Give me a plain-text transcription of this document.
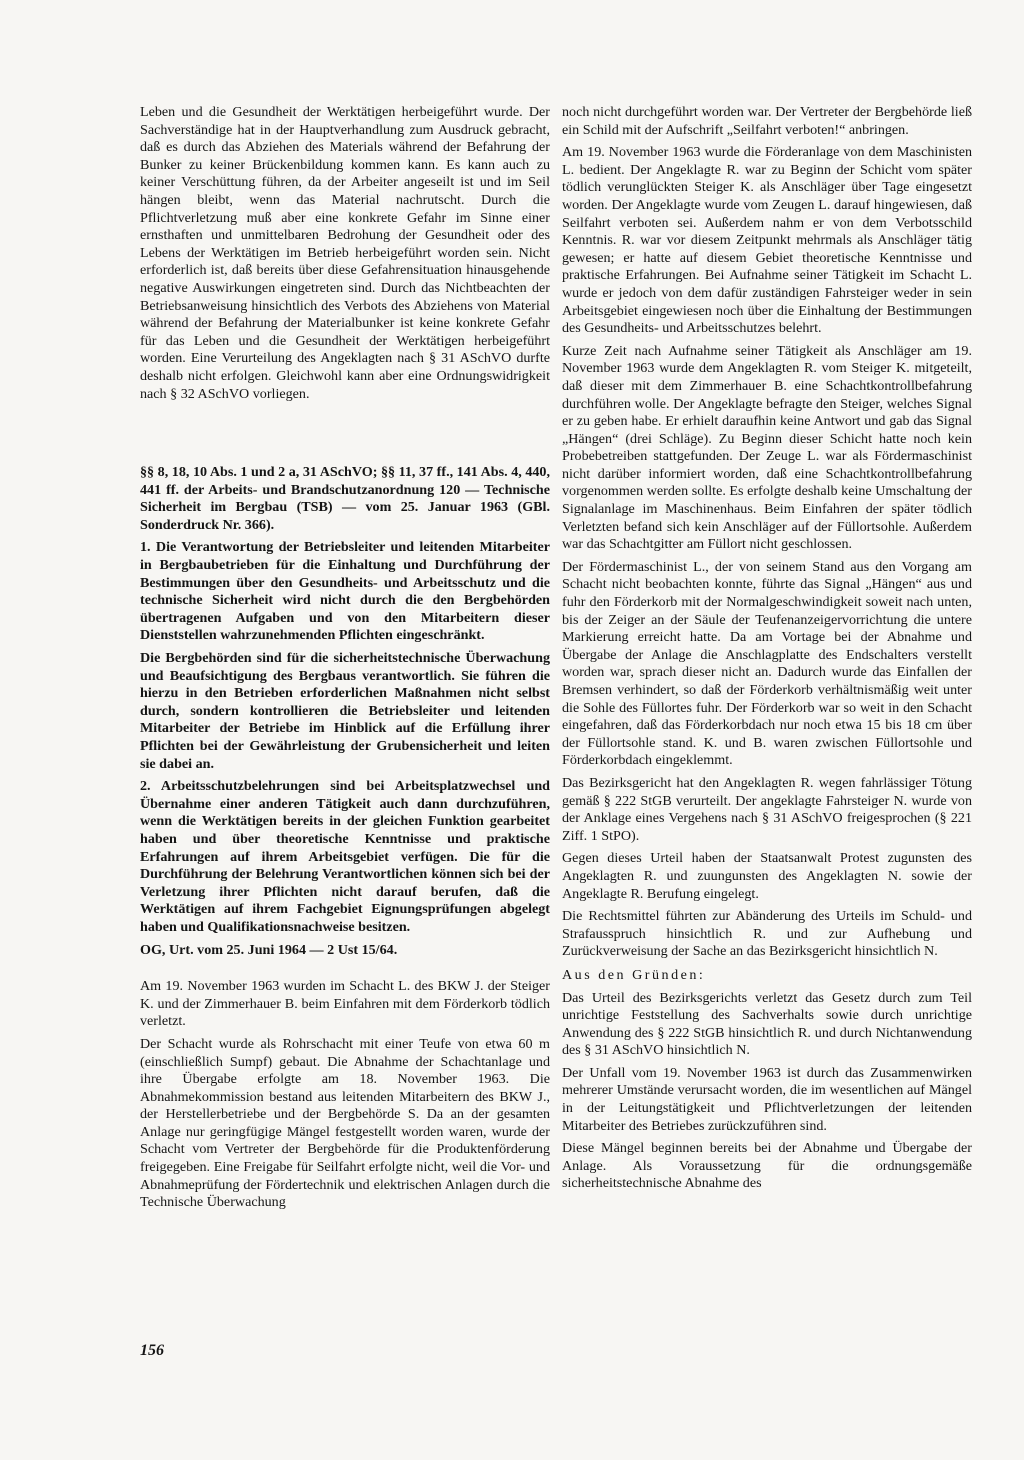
Leben und die Gesundheit der Werktätigen herbeigeführt wurde. Der Sachverständige hat in der Hauptverhandlung zum Ausdruck gebracht, daß es durch das Abziehen des Materials während der Befahrung der Bunker zu keiner Brückenbildung kommen kann. Es kann auch zu keiner Verschüttung führen, da der Arbeiter angeseilt ist und im Seil hängen bleibt, wenn das Material nachrutscht. Durch die Pflichtverletzung muß aber eine konkrete Gefahr im Sinne einer ernsthaften und unmittelbaren Bedrohung der Gesundheit oder des Lebens der Werktätigen im Betrieb herbeigeführt worden sein. Nicht erforderlich ist, daß bereits über diese Gefahrensituation hinausgehende negative Auswirkungen eingetreten sind. Durch das Nichtbeachten der Betriebsanweisung hinsichtlich des Verbots des Abziehens von Material während der Befahrung der Materialbunker ist keine konkrete Gefahr für das Leben und die Gesundheit der Werktätigen herbeigeführt worden. Eine Verurteilung des Angeklagten nach § 31 ASchVO durfte deshalb nicht erfolgen. Gleichwohl kann aber eine Ordnungswidrigkeit nach § 32 ASchVO vorliegen.

§§ 8, 18, 10 Abs. 1 und 2 a, 31 ASchVO; §§ 11, 37 ff., 141 Abs. 4, 440, 441 ff. der Arbeits- und Brandschutzanordnung 120 — Technische Sicherheit im Bergbau (TSB) — vom 25. Januar 1963 (GBl. Sonderdruck Nr. 366).

1. Die Verantwortung der Betriebsleiter und leitenden Mitarbeiter in Bergbaubetrieben für die Einhaltung und Durchführung der Bestimmungen über den Gesundheits- und Arbeitsschutz und die technische Sicherheit wird nicht durch die den Bergbehörden übertragenen Aufgaben und von den Mitarbeitern dieser Dienststellen wahrzunehmenden Pflichten eingeschränkt.

Die Bergbehörden sind für die sicherheitstechnische Überwachung und Beaufsichtigung des Bergbaus verantwortlich. Sie führen die hierzu in den Betrieben erforderlichen Maßnahmen nicht selbst durch, sondern kontrollieren die Betriebsleiter und leitenden Mitarbeiter der Betriebe im Hinblick auf die Erfüllung ihrer Pflichten bei der Gewährleistung der Grubensicherheit und leiten sie dabei an.

2. Arbeitsschutzbelehrungen sind bei Arbeitsplatzwechsel und Übernahme einer anderen Tätigkeit auch dann durchzuführen, wenn die Werktätigen bereits in der gleichen Funktion gearbeitet haben und über theoretische Kenntnisse und praktische Erfahrungen auf ihrem Arbeitsgebiet verfügen. Die für die Durchführung der Belehrung Verantwortlichen können sich bei der Verletzung ihrer Pflichten nicht darauf berufen, daß die Werktätigen auf ihrem Fachgebiet Eignungsprüfungen abgelegt haben und Qualifikationsnachweise besitzen.

OG, Urt. vom 25. Juni 1964 — 2 Ust 15/64.

Am 19. November 1963 wurden im Schacht L. des BKW J. der Steiger K. und der Zimmerhauer B. beim Einfahren mit dem Förderkorb tödlich verletzt.

Der Schacht wurde als Rohrschacht mit einer Teufe von etwa 60 m (einschließlich Sumpf) gebaut. Die Abnahme der Schachtanlage und ihre Übergabe erfolgte am 18. November 1963. Die Abnahmekommission bestand aus leitenden Mitarbeitern des BKW J., der Herstellerbetriebe und der Bergbehörde S. Da an der gesamten Anlage nur geringfügige Mängel festgestellt worden waren, wurde der Schacht vom Vertreter der Bergbehörde für die Produktenförderung freigegeben. Eine Freigabe für Seilfahrt erfolgte nicht, weil die Vor- und Abnahmeprüfung der Fördertechnik und elektrischen Anlagen durch die Technische Überwachung

noch nicht durchgeführt worden war. Der Vertreter der Bergbehörde ließ ein Schild mit der Aufschrift „Seilfahrt verboten!“ anbringen.

Am 19. November 1963 wurde die Förderanlage von dem Maschinisten L. bedient. Der Angeklagte R. war zu Beginn der Schicht vom später tödlich verunglückten Steiger K. als Anschläger über Tage eingesetzt worden. Der Angeklagte wurde vom Zeugen L. darauf hingewiesen, daß Seilfahrt verboten sei. Außerdem nahm er von dem Verbotsschild Kenntnis. R. war vor diesem Zeitpunkt mehrmals als Anschläger tätig gewesen; er hatte auf diesem Gebiet theoretische Kenntnisse und praktische Erfahrungen. Bei Aufnahme seiner Tätigkeit im Schacht L. wurde er jedoch von dem dafür zuständigen Fahrsteiger weder in sein Arbeitsgebiet eingewiesen noch über die Einhaltung der Bestimmungen des Gesundheits- und Arbeitsschutzes belehrt.

Kurze Zeit nach Aufnahme seiner Tätigkeit als Anschläger am 19. November 1963 wurde dem Angeklagten R. vom Steiger K. mitgeteilt, daß dieser mit dem Zimmerhauer B. eine Schachtkontrollbefahrung durchführen wolle. Der Angeklagte befragte den Steiger, welches Signal er zu geben habe. Er erhielt daraufhin keine Antwort und gab das Signal „Hängen“ (drei Schläge). Zu Beginn dieser Schicht hatte noch kein Probebetreiben stattgefunden. Der Zeuge L. war als Fördermaschinist nicht darüber informiert worden, daß eine Schachtkontrollbefahrung vorgenommen werden sollte. Es erfolgte deshalb keine Umschaltung der Signalanlage im Maschinenhaus. Beim Einfahren der später tödlich Verletzten befand sich kein Anschläger auf der Füllortsohle. Außerdem war das Schachtgitter am Füllort nicht geschlossen.

Der Fördermaschinist L., der von seinem Stand aus den Vorgang am Schacht nicht beobachten konnte, führte das Signal „Hängen“ aus und fuhr den Förderkorb mit der Normalgeschwindigkeit soweit nach unten, bis der Zeiger an der Säule der Teufenanzeigervorrichtung die untere Markierung erreicht hatte. Da am Vortage bei der Abnahme und Übergabe der Anlage die Anschlagplatte des Endschalters verstellt worden war, sprach dieser nicht an. Dadurch wurde das Einfallen der Bremsen verhindert, so daß der Förderkorb verhältnismäßig weit unter die Sohle des Füllortes fuhr. Der Förderkorb war so weit in den Schacht eingefahren, daß das Förderkorbdach nur noch etwa 15 bis 18 cm über der Füllortsohle stand. K. und B. waren zwischen Füllortsohle und Förderkorbdach eingeklemmt.

Das Bezirksgericht hat den Angeklagten R. wegen fahrlässiger Tötung gemäß § 222 StGB verurteilt. Der angeklagte Fahrsteiger N. wurde von der Anklage eines Vergehens nach § 31 ASchVO freigesprochen (§ 221 Ziff. 1 StPO).

Gegen dieses Urteil haben der Staatsanwalt Protest zugunsten des Angeklagten R. und zuungunsten des Angeklagten N. sowie der Angeklagte R. Berufung eingelegt.

Die Rechtsmittel führten zur Abänderung des Urteils im Schuld- und Strafausspruch hinsichtlich R. und zur Aufhebung und Zurückverweisung der Sache an das Bezirksgericht hinsichtlich N.

Aus den Gründen:

Das Urteil des Bezirksgerichts verletzt das Gesetz durch zum Teil unrichtige Feststellung des Sachverhalts sowie durch unrichtige Anwendung des § 222 StGB hinsichtlich R. und durch Nichtanwendung des § 31 ASchVO hinsichtlich N.

Der Unfall vom 19. November 1963 ist durch das Zusammenwirken mehrerer Umstände verursacht worden, die im wesentlichen auf Mängel in der Leitungstätigkeit und Pflichtverletzungen der leitenden Mitarbeiter des Betriebes zurückzuführen sind.

Diese Mängel beginnen bereits bei der Abnahme und Übergabe der Anlage. Als Voraussetzung für die ordnungsgemäße sicherheitstechnische Abnahme des

156
